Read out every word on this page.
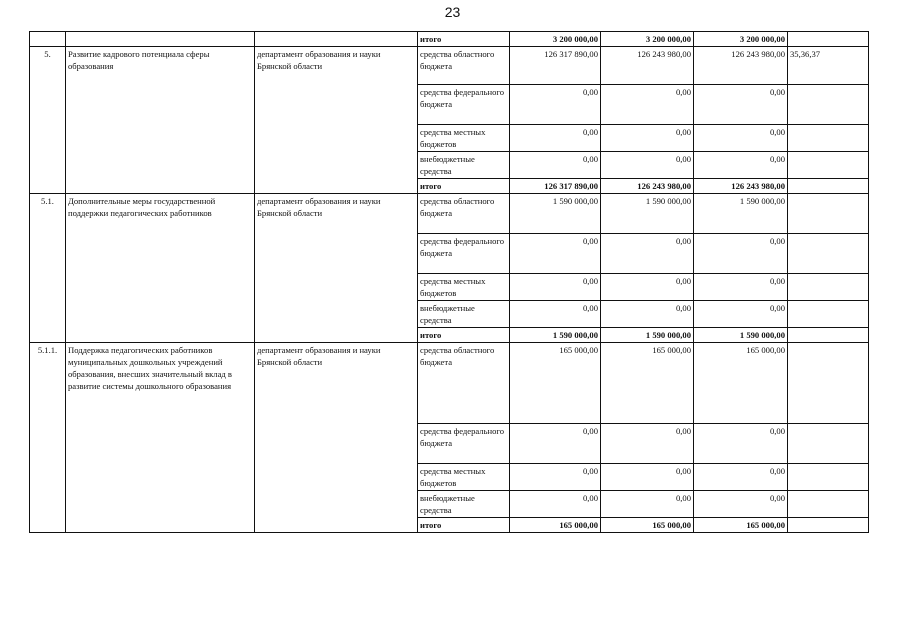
23
			итого	3 200 000,00	3 200 000,00	3 200 000,00	
5.	Развитие кадрового потенциала сферы образования	департамент образования и науки Брянской области	средства областного бюджета	126 317 890,00	126 243 980,00	126 243 980,00	35,36,37
			средства федерального бюджета	0,00	0,00	0,00	
			средства местных бюджетов	0,00	0,00	0,00	
			внебюджетные средства	0,00	0,00	0,00	
			итого	126 317 890,00	126 243 980,00	126 243 980,00	
5.1.	Дополнительные меры государственной поддержки педагогических работников	департамент образования и науки Брянской области	средства областного бюджета	1 590 000,00	1 590 000,00	1 590 000,00	
			средства федерального бюджета	0,00	0,00	0,00	
			средства местных бюджетов	0,00	0,00	0,00	
			внебюджетные средства	0,00	0,00	0,00	
			итого	1 590 000,00	1 590 000,00	1 590 000,00	
5.1.1.	Поддержка педагогических работников муниципальных дошкольных учреждений образования, внесших значительный вклад в развитие системы дошкольного образования	департамент образования и науки Брянской области	средства областного бюджета	165 000,00	165 000,00	165 000,00	
			средства федерального бюджета	0,00	0,00	0,00	
			средства местных бюджетов	0,00	0,00	0,00	
			внебюджетные средства	0,00	0,00	0,00	
			итого	165 000,00	165 000,00	165 000,00	
